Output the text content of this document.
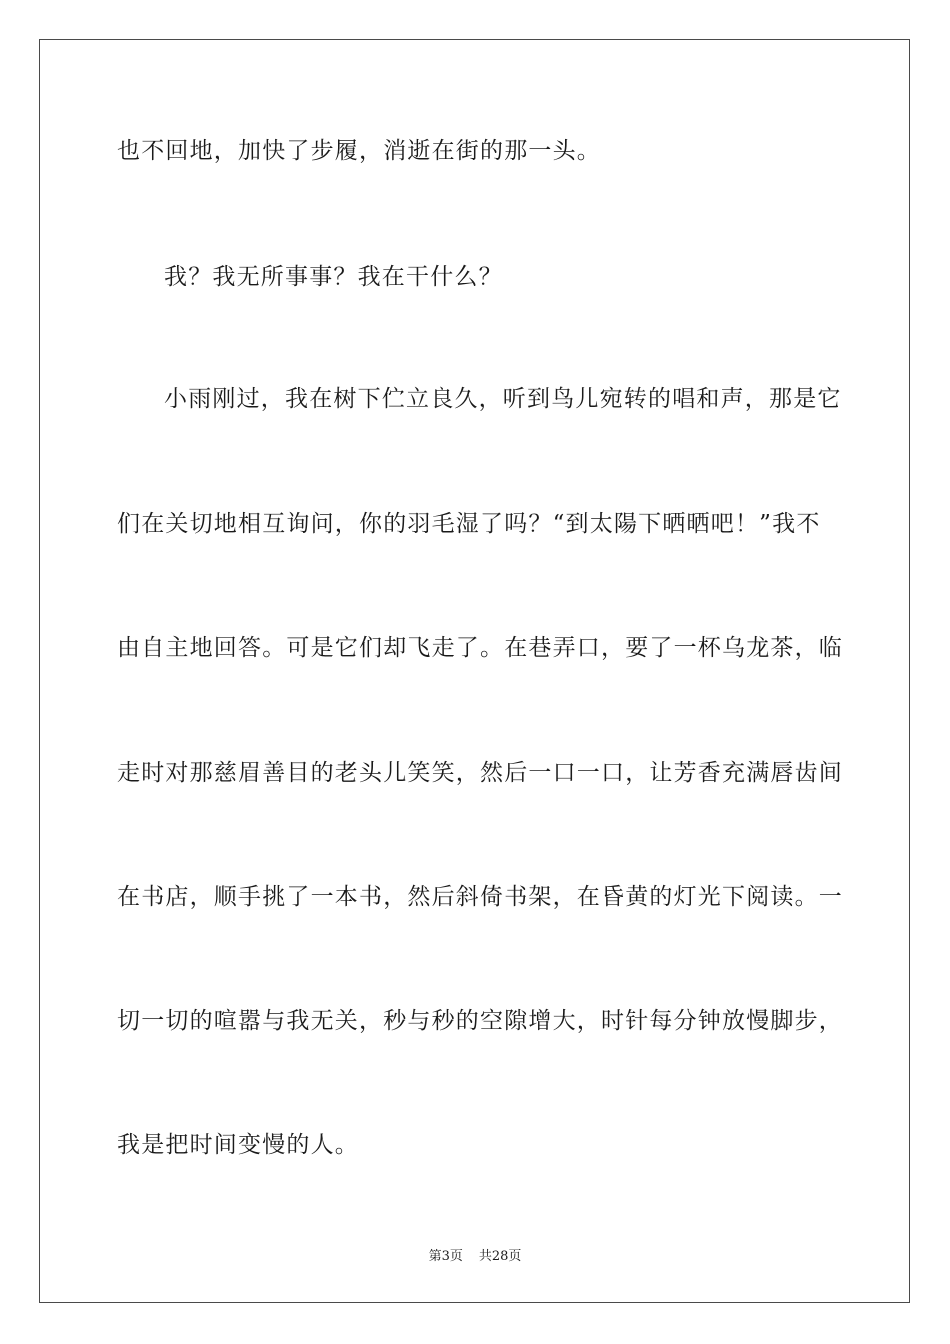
也不回地，加快了步履，消逝在街的那一头。
我？我无所事事？我在干什么？
小雨刚过，我在树下伫立良久，听到鸟儿宛转的唱和声，那是它
们在关切地相互询问，你的羽毛湿了吗？“到太陽下晒晒吧！”我不
由自主地回答。可是它们却飞走了。在巷弄口，要了一杯乌龙茶，临
走时对那慈眉善目的老头儿笑笑，然后一口一口，让芳香充满唇齿间
在书店，顺手挑了一本书，然后斜倚书架，在昏黄的灯光下阅读。一
切一切的喧嚣与我无关，秒与秒的空隙增大，时针每分钟放慢脚步，
我是把时间变慢的人。
第3页 共28页
